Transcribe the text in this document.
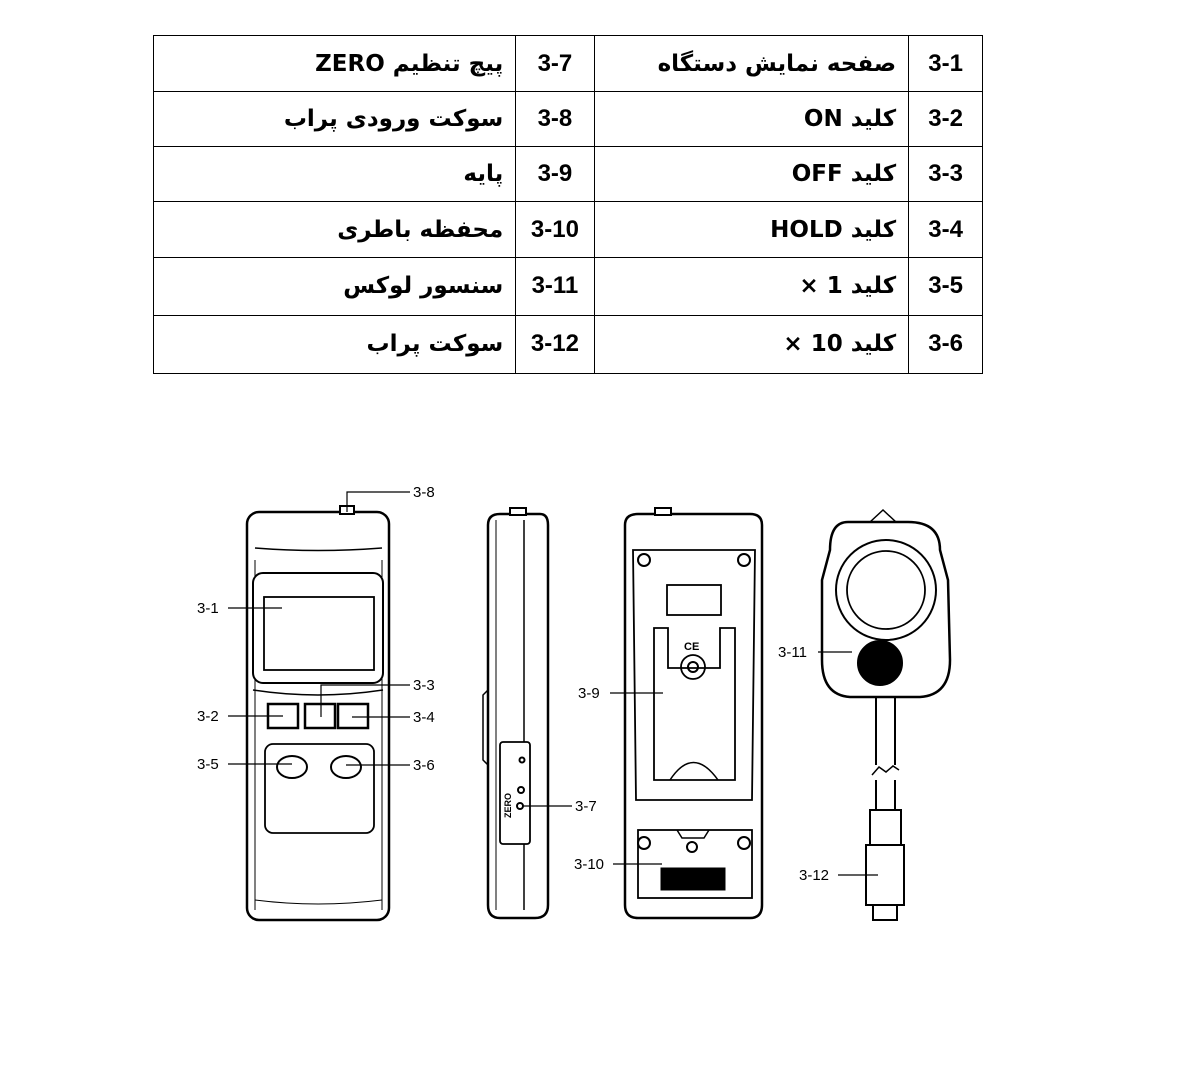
پیچ تنظیم ZERO	3-7	صفحه نمایش دستگاه	3-1
سوکت ورودی پراب	3-8	کلید ON	3-2
پایه	3-9	کلید OFF	3-3
محفظه باطری	3-10	کلید HOLD	3-4
سنسور لوکس	3-11	کلید 1 ×	3-5
سوکت پراب	3-12	کلید 10 ×	3-6
ZERO
CE
3-1
3-2
3-3
3-4
3-5	3-6
3-8
3-7
3-9
3-10
3-11
3-12
